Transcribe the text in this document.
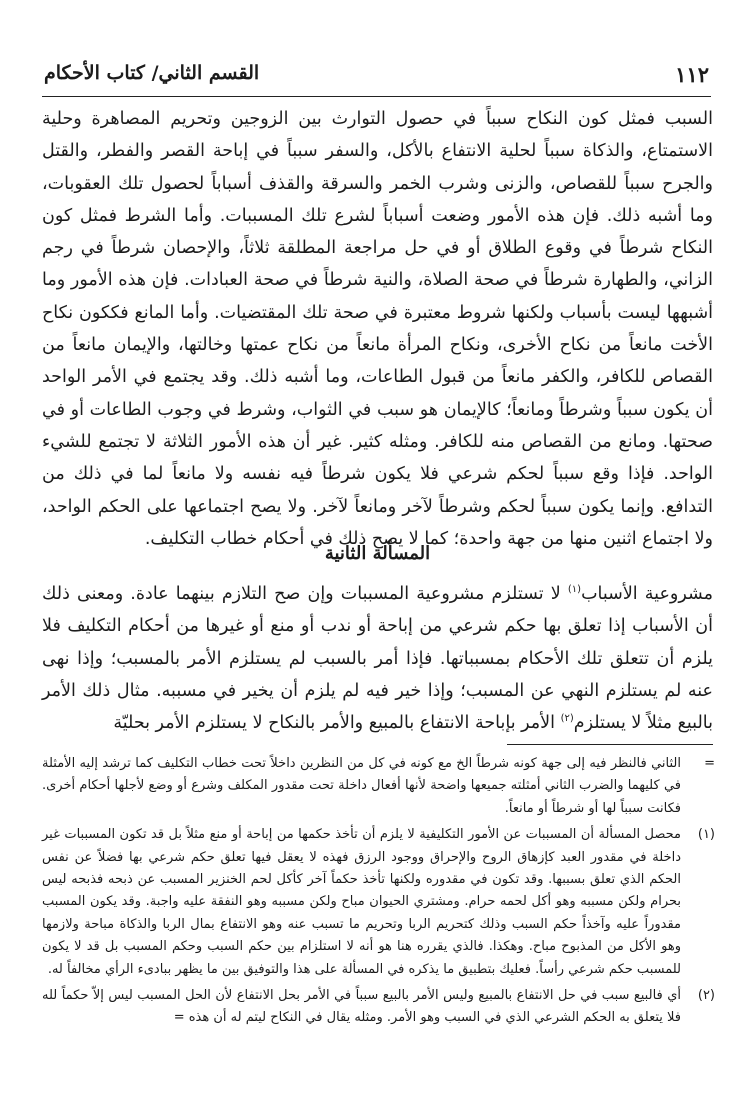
١١٢
القسم الثاني/ كتاب الأحكام

السبب فمثل كون النكاح سبباً في حصول التوارث بين الزوجين وتحريم المصاهرة وحلية الاستمتاع، والذكاة سبباً لحلية الانتفاع بالأكل، والسفر سبباً في إباحة القصر والفطر، والقتل والجرح سبباً للقصاص، والزنى وشرب الخمر والسرقة والقذف أسباباً لحصول تلك العقوبات، وما أشبه ذلك. فإن هذه الأمور وضعت أسباباً لشرع تلك المسببات. وأما الشرط فمثل كون النكاح شرطاً في وقوع الطلاق أو في حل مراجعة المطلقة ثلاثاً، والإحصان شرطاً في رجم الزاني، والطهارة شرطاً في صحة الصلاة، والنية شرطاً في صحة العبادات. فإن هذه الأمور وما أشبهها ليست بأسباب ولكنها شروط معتبرة في صحة تلك المقتضيات. وأما المانع فككون نكاح الأخت مانعاً من نكاح الأخرى، ونكاح المرأة مانعاً من نكاح عمتها وخالتها، والإيمان مانعاً من القصاص للكافر، والكفر مانعاً من قبول الطاعات، وما أشبه ذلك. وقد يجتمع في الأمر الواحد أن يكون سبباً وشرطاً ومانعاً؛ كالإيمان هو سبب في الثواب، وشرط في وجوب الطاعات أو في صحتها. ومانع من القصاص منه للكافر. ومثله كثير. غير أن هذه الأمور الثلاثة لا تجتمع للشيء الواحد. فإذا وقع سبباً لحكم شرعي فلا يكون شرطاً فيه نفسه ولا مانعاً لما في ذلك من التدافع. وإنما يكون سبباً لحكم وشرطاً لآخر ومانعاً لآخر. ولا يصح اجتماعها على الحكم الواحد، ولا اجتماع اثنين منها من جهة واحدة؛ كما لا يصح ذلك في أحكام خطاب التكليف.

المسألة الثانية

مشروعية الأسباب$^{(١)}$ لا تستلزم مشروعية المسببات وإن صح التلازم بينهما عادة. ومعنى ذلك أن الأسباب إذا تعلق بها حكم شرعي من إباحة أو ندب أو منع أو غيرها من أحكام التكليف فلا يلزم أن تتعلق تلك الأحكام بمسبباتها. فإذا أمر بالسبب لم يستلزم الأمر بالمسبب؛ وإذا نهى عنه لم يستلزم النهي عن المسبب؛ وإذا خير فيه لم يلزم أن يخير في مسببه. مثال ذلك الأمر بالبيع مثلاً لا يستلزم$^{(٢)}$ الأمر بإباحة الانتفاع بالمبيع والأمر بالنكاح لا يستلزم الأمر بحليّة

=
الثاني فالنظر فيه إلى جهة كونه شرطاً الخ مع كونه في كل من النظرين داخلاً تحت خطاب التكليف كما ترشد إليه الأمثلة في كليهما والضرب الثاني أمثلته جميعها واضحة لأنها أفعال داخلة تحت مقدور المكلف وشرع أو وضع لأجلها أحكام أخرى. فكانت سبباً لها أو شرطاً أو مانعاً.
(١)
محصل المسألة أن المسببات عن الأمور التكليفية لا يلزم أن تأخذ حكمها من إباحة أو منع مثلاً بل قد تكون المسببات غير داخلة في مقدور العبد كإزهاق الروح والإحراق ووجود الرزق فهذه لا يعقل فيها تعلق حكم شرعي بها فضلاً عن نفس الحكم الذي تعلق بسببها. وقد تكون في مقدوره ولكنها تأخذ حكماً آخر كأكل لحم الخنزير المسبب عن ذبحه فذبحه ليس بحرام ولكن مسببه وهو أكل لحمه حرام. ومشتري الحيوان مباح ولكن مسببه وهو النفقة عليه واجبة. وقد يكون المسبب مقدوراً عليه وآخذاً حكم السبب وذلك كتحريم الربا وتحريم ما تسبب عنه وهو الانتفاع بمال الربا والذكاة مباحة ولازمها وهو الأكل من المذبوح مباح. وهكذا. فالذي يقرره هنا هو أنه لا استلزام بين حكم السبب وحكم المسبب بل قد لا يكون للمسبب حكم شرعي رأساً. فعليك بتطبيق ما يذكره في المسألة على هذا والتوفيق بين ما يظهر ببادىء الرأي مخالفاً له.
(٢)
أي فالبيع سبب في حل الانتفاع بالمبيع وليس الأمر بالبيع سبباً في الأمر بحل الانتفاع لأن الحل المسبب ليس إلاّ حكماً لله فلا يتعلق به الحكم الشرعي الذي في السبب وهو الأمر. ومثله يقال في النكاح ليتم له أن هذه =
